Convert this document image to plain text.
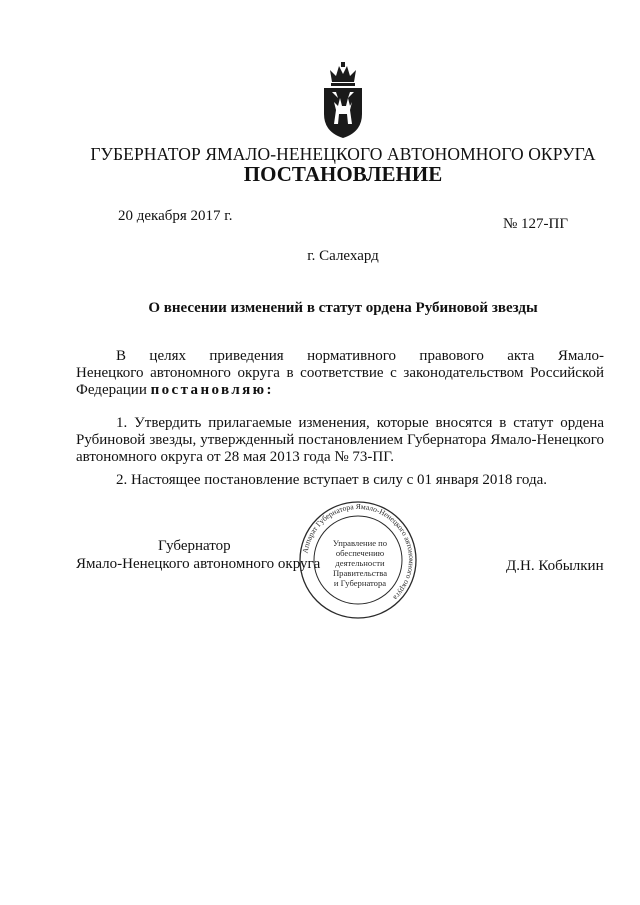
ГУБЕРНАТОР ЯМАЛО-НЕНЕЦКОГО АВТОНОМНОГО ОКРУГА
ПОСТАНОВЛЕНИЕ
20 декабря 2017 г.	№ 127-ПГ
г. Салехард
О внесении изменений в статут ордена Рубиновой звезды
В целях приведения нормативного правового акта Ямало-
Ненецкого автономного округа в соответствие с законодательством Российской
Федерации постановляю:
1. Утвердить прилагаемые изменения, которые вносятся в статут ордена
Рубиновой звезды, утвержденный постановлением Губернатора Ямало-Ненецкого
автономного округа от 28 мая 2013 года № 73-ПГ.
2. Настоящее постановление вступает в силу с 01 января 2018 года.
Губернатор
Ямало-Ненецкого автономного округа	Д.Н. Кобылкин
Аппарат Губернатора Ямало-Ненецкого автономного округа
Управление по
обеспечению
деятельности
Правительства
и Губернатора
